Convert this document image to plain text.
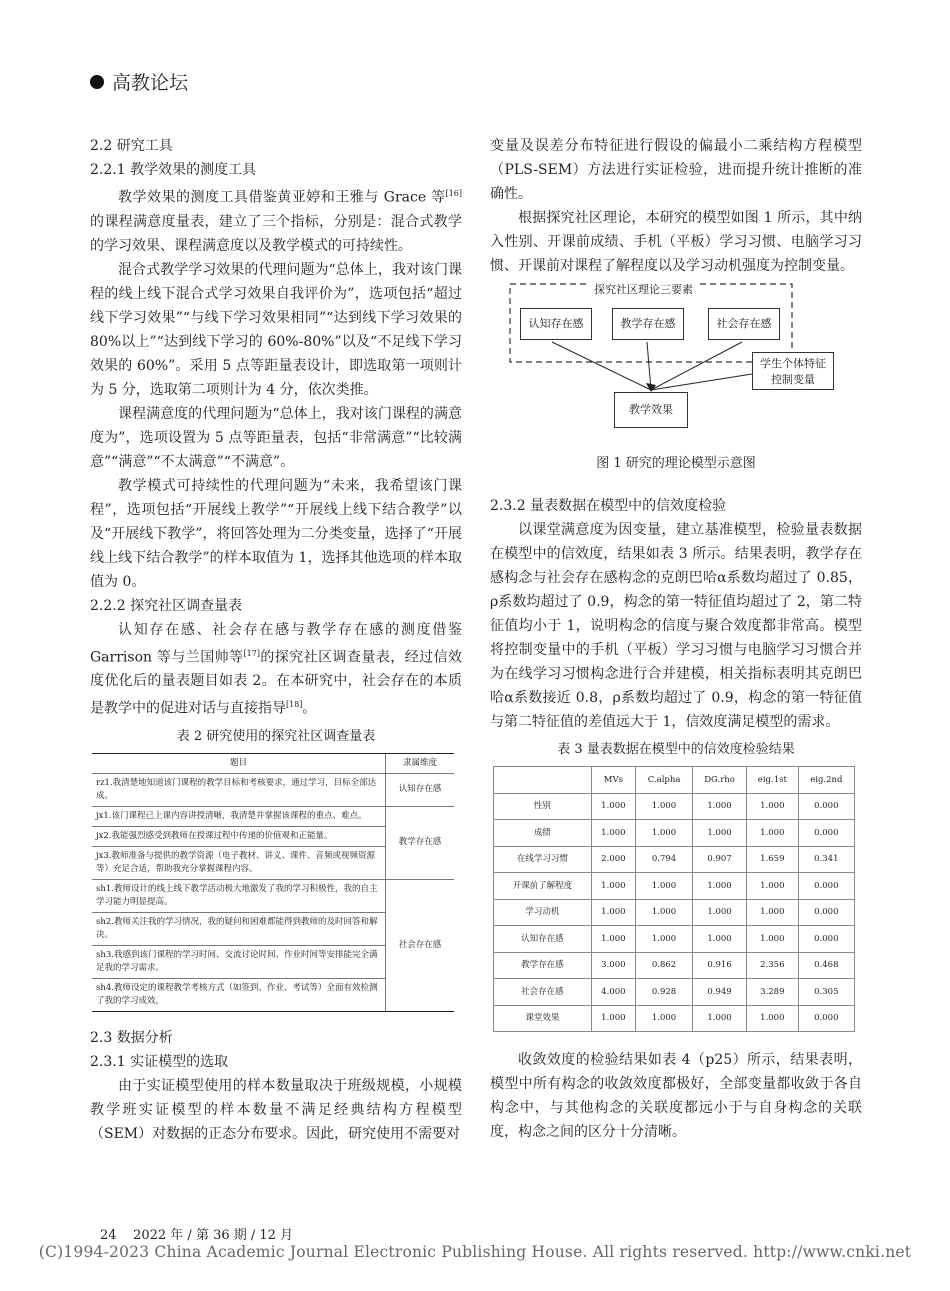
高教论坛

2.2 研究工具

2.2.1 教学效果的测度工具

教学效果的测度工具借鉴黄亚婷和王雅与 Grace 等[16]的课程满意度量表，建立了三个指标，分别是：混合式教学的学习效果、课程满意度以及教学模式的可持续性。

混合式教学学习效果的代理问题为“总体上，我对该门课程的线上线下混合式学习效果自我评价为”，选项包括“超过线下学习效果”“与线下学习效果相同”“达到线下学习效果的 80%以上”“达到线下学习的 60%-80%”以及“不足线下学习效果的 60%”。采用 5 点等距量表设计，即选取第一项则计为 5 分，选取第二项则计为 4 分，依次类推。

课程满意度的代理问题为“总体上，我对该门课程的满意度为”，选项设置为 5 点等距量表，包括“非常满意”“比较满意”“满意”“不太满意”“不满意”。

教学模式可持续性的代理问题为“未来，我希望该门课程”，选项包括“开展线上教学”“开展线上线下结合教学”以及“开展线下教学”，将回答处理为二分类变量，选择了“开展线上线下结合教学”的样本取值为 1，选择其他选项的样本取值为 0。

2.2.2 探究社区调查量表

认知存在感、社会存在感与教学存在感的测度借鉴 Garrison 等与兰国帅等[17]的探究社区调查量表，经过信效度优化后的量表题目如表 2。在本研究中，社会存在的本质是教学中的促进对话与直接指导[18]。

表 2 研究使用的探究社区调查量表
题目	隶属维度
rz1.我清楚地知道该门课程的教学目标和考核要求，通过学习，目标全部达成。	认知存在感
jx1.该门课程已上课内容讲授清晰，我清楚并掌握该课程的重点、难点。	教学存在感
jx2.我能强烈感受到教师在授课过程中传递的价值观和正能量。	
jx3.教师准备与提供的教学资源（电子教材、讲义、课件、音频或视频资源等）充足合适，帮助我充分掌握课程内容。	
sh1.教师设计的线上线下教学活动极大地激发了我的学习积极性，我的自主学习能力明显提高。	社会存在感
sh2.教师关注我的学习情况，我的疑问和困难都能得到教师的及时回答和解决。	
sh3.我感到该门课程的学习时间、交流讨论时间、作业时间等安排能完全满足我的学习需求。	
sh4.教师设定的课程教学考核方式（如签到、作业、考试等）全面有效检测了我的学习成效。	

2.3 数据分析

2.3.1 实证模型的选取

由于实证模型使用的样本数量取决于班级规模，小规模教学班实证模型的样本数量不满足经典结构方程模型（SEM）对数据的正态分布要求。因此，研究使用不需要对

变量及误差分布特征进行假设的偏最小二乘结构方程模型（PLS-SEM）方法进行实证检验，进而提升统计推断的准确性。

根据探究社区理论，本研究的模型如图 1 所示，其中纳入性别、开课前成绩、手机（平板）学习习惯、电脑学习习惯、开课前对课程了解程度以及学习动机强度为控制变量。

探究社区理论三要素
认知存在感	教学存在感	社会存在感
学生个体特征
控制变量
教学效果
图 1 研究的理论模型示意图

2.3.2 量表数据在模型中的信效度检验

以课堂满意度为因变量，建立基准模型，检验量表数据在模型中的信效度，结果如表 3 所示。结果表明，教学存在感构念与社会存在感构念的克朗巴哈α系数均超过了 0.85，ρ系数均超过了 0.9，构念的第一特征值均超过了 2，第二特征值均小于 1，说明构念的信度与聚合效度都非常高。模型将控制变量中的手机（平板）学习习惯与电脑学习习惯合并为在线学习习惯构念进行合并建模，相关指标表明其克朗巴哈α系数接近 0.8，ρ系数均超过了 0.9，构念的第一特征值与第二特征值的差值远大于 1，信效度满足模型的需求。

表 3 量表数据在模型中的信效度检验结果
	MVs	C.alpha	DG.rho	eig.1st	eig.2nd
性别	1.000	1.000	1.000	1.000	0.000
成绩	1.000	1.000	1.000	1.000	0.000
在线学习习惯	2.000	0.794	0.907	1.659	0.341
开课前了解程度	1.000	1.000	1.000	1.000	0.000
学习动机	1.000	1.000	1.000	1.000	0.000
认知存在感	1.000	1.000	1.000	1.000	0.000
教学存在感	3.000	0.862	0.916	2.356	0.468
社会存在感	4.000	0.928	0.949	3.289	0.305
课堂效果	1.000	1.000	1.000	1.000	0.000

收敛效度的检验结果如表 4（p25）所示，结果表明，模型中所有构念的收敛效度都极好，全部变量都收敛于各自构念中，与其他构念的关联度都远小于与自身构念的关联度，构念之间的区分十分清晰。

24 2022 年 / 第 36 期 / 12 月
(C)1994-2023 China Academic Journal Electronic Publishing House. All rights reserved. http://www.cnki.net
